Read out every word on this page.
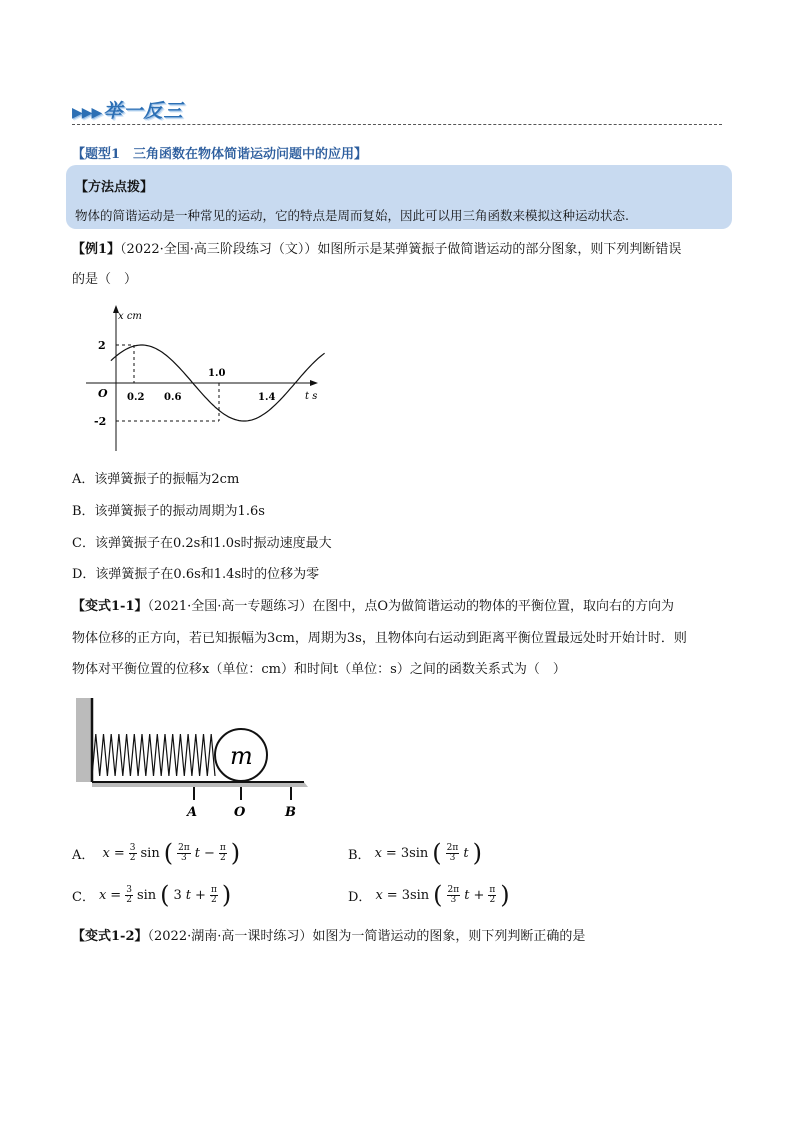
▶▶▶ 举一反三
【题型1　三角函数在物体简谐运动问题中的应用】
【方法点拨】
物体的简谐运动是一种常见的运动，它的特点是周而复始，因此可以用三角函数来模拟这种运动状态.
【例1】（2022·全国·高三阶段练习（文））如图所示是某弹簧振子做简谐运动的部分图象，则下列判断错误
的是（　）
x cm
2
-2
O 0.2 0.6
1.0
1.4	t s
A．该弹簧振子的振幅为2cm
B．该弹簧振子的振动周期为1.6s
C．该弹簧振子在0.2s和1.0s时振动速度最大
D．该弹簧振子在0.6s和1.4s时的位移为零
【变式1-1】（2021·全国·高一专题练习）在图中，点O为做简谐运动的物体的平衡位置，取向右的方向为
物体位移的正方向，若已知振幅为3cm，周期为3s，且物体向右运动到距离平衡位置最远处时开始计时．则
物体对平衡位置的位移x（单位：cm）和时间t（单位：s）之间的函数关系式为（　）
m
A	O	B
A． $x = \frac{3}{2}$ sin ( $\frac{2\pi}{3}$ $t - \frac{\pi}{2}$ )	B． x = 3sin ( $\frac{2\pi}{3}$ t )
C． $x = \frac{3}{2}$ sin ( 3 $t + \frac{\pi}{2}$ )	D． x = 3sin ( $\frac{2\pi}{3}$ $t + \frac{\pi}{2}$ )
【变式1-2】（2022·湖南·高一课时练习）如图为一简谐运动的图象，则下列判断正确的是
